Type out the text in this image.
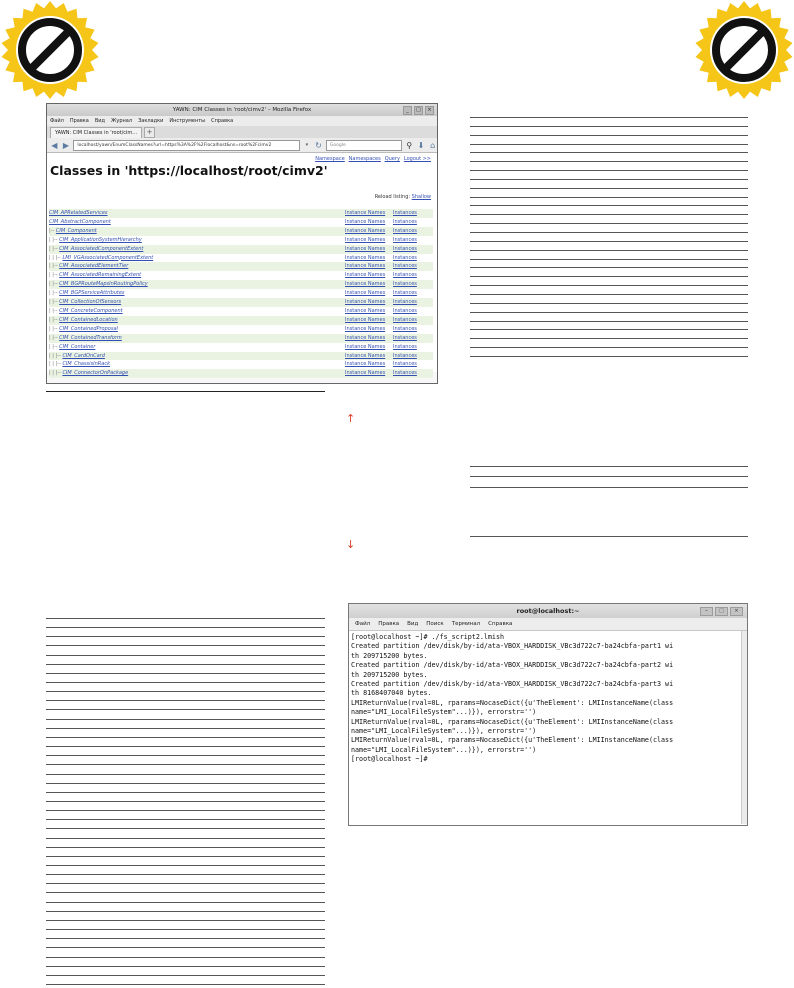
YAWN: CIM Classes in 'root/cimv2' – Mozilla Firefox	_	□	×
Файл Правка Вид Журнал Закладки Инструменты Справка
YAWN: CIM Classes in 'root/cim...	+
◀ ▶	localhost/yawn/EnumClassNames?url=https%3A%2F%2Flocalhost&ns=root%2Fcimv2	▾ ↻	Google	⚲ ⬇ ⌂
Namespace Namespaces Query Logout >>
Classes in 'https://localhost/root/cimv2'
Reload listing: Shallow
CIM_APRelatedServices	Instance Names	Instances
CIM_AbstractComponent	Instance Names	Instances
|-- CIM_Component	Instance Names	Instances
| |-- CIM_ApplicationSystemHierarchy	Instance Names	Instances
| |-- CIM_AssociatedComponentExtent	Instance Names	Instances
| | |-- LMI_VGAssociatedComponentExtent	Instance Names	Instances
| |-- CIM_AssociatedElementTier	Instance Names	Instances
| |-- CIM_AssociatedRemainingExtent	Instance Names	Instances
| |-- CIM_BGPRouteMapsInRoutingPolicy	Instance Names	Instances
| |-- CIM_BGPServiceAttributes	Instance Names	Instances
| |-- CIM_CollectionOfSensors	Instance Names	Instances
| |-- CIM_ConcreteComponent	Instance Names	Instances
| |-- CIM_ContainedLocation	Instance Names	Instances
| |-- CIM_ContainedProposal	Instance Names	Instances
| |-- CIM_ContainedTransform	Instance Names	Instances
| |-- CIM_Container	Instance Names	Instances
| | |-- CIM_CardOnCard	Instance Names	Instances
| | |-- CIM_ChassisInRack	Instance Names	Instances
| | |-- CIM_ConnectorOnPackage	Instance Names	Instances
↑
↓
root@localhost:~	–	□	×
Файл Правка Вид Поиск Терминал Справка
[root@localhost ~]# ./fs_script2.lmish
Created partition /dev/disk/by-id/ata-VBOX_HARDDISK_VBc3d722c7-ba24cbfa-part1 wi
th 209715200 bytes.
Created partition /dev/disk/by-id/ata-VBOX_HARDDISK_VBc3d722c7-ba24cbfa-part2 wi
th 209715200 bytes.
Created partition /dev/disk/by-id/ata-VBOX_HARDDISK_VBc3d722c7-ba24cbfa-part3 wi
th 8168407040 bytes.
LMIReturnValue(rval=0L, rparams=NocaseDict({u'TheElement': LMIInstanceName(class
name="LMI_LocalFileSystem"...)}), errorstr='')
LMIReturnValue(rval=0L, rparams=NocaseDict({u'TheElement': LMIInstanceName(class
name="LMI_LocalFileSystem"...)}), errorstr='')
LMIReturnValue(rval=0L, rparams=NocaseDict({u'TheElement': LMIInstanceName(class
name="LMI_LocalFileSystem"...)}), errorstr='')
[root@localhost ~]#
